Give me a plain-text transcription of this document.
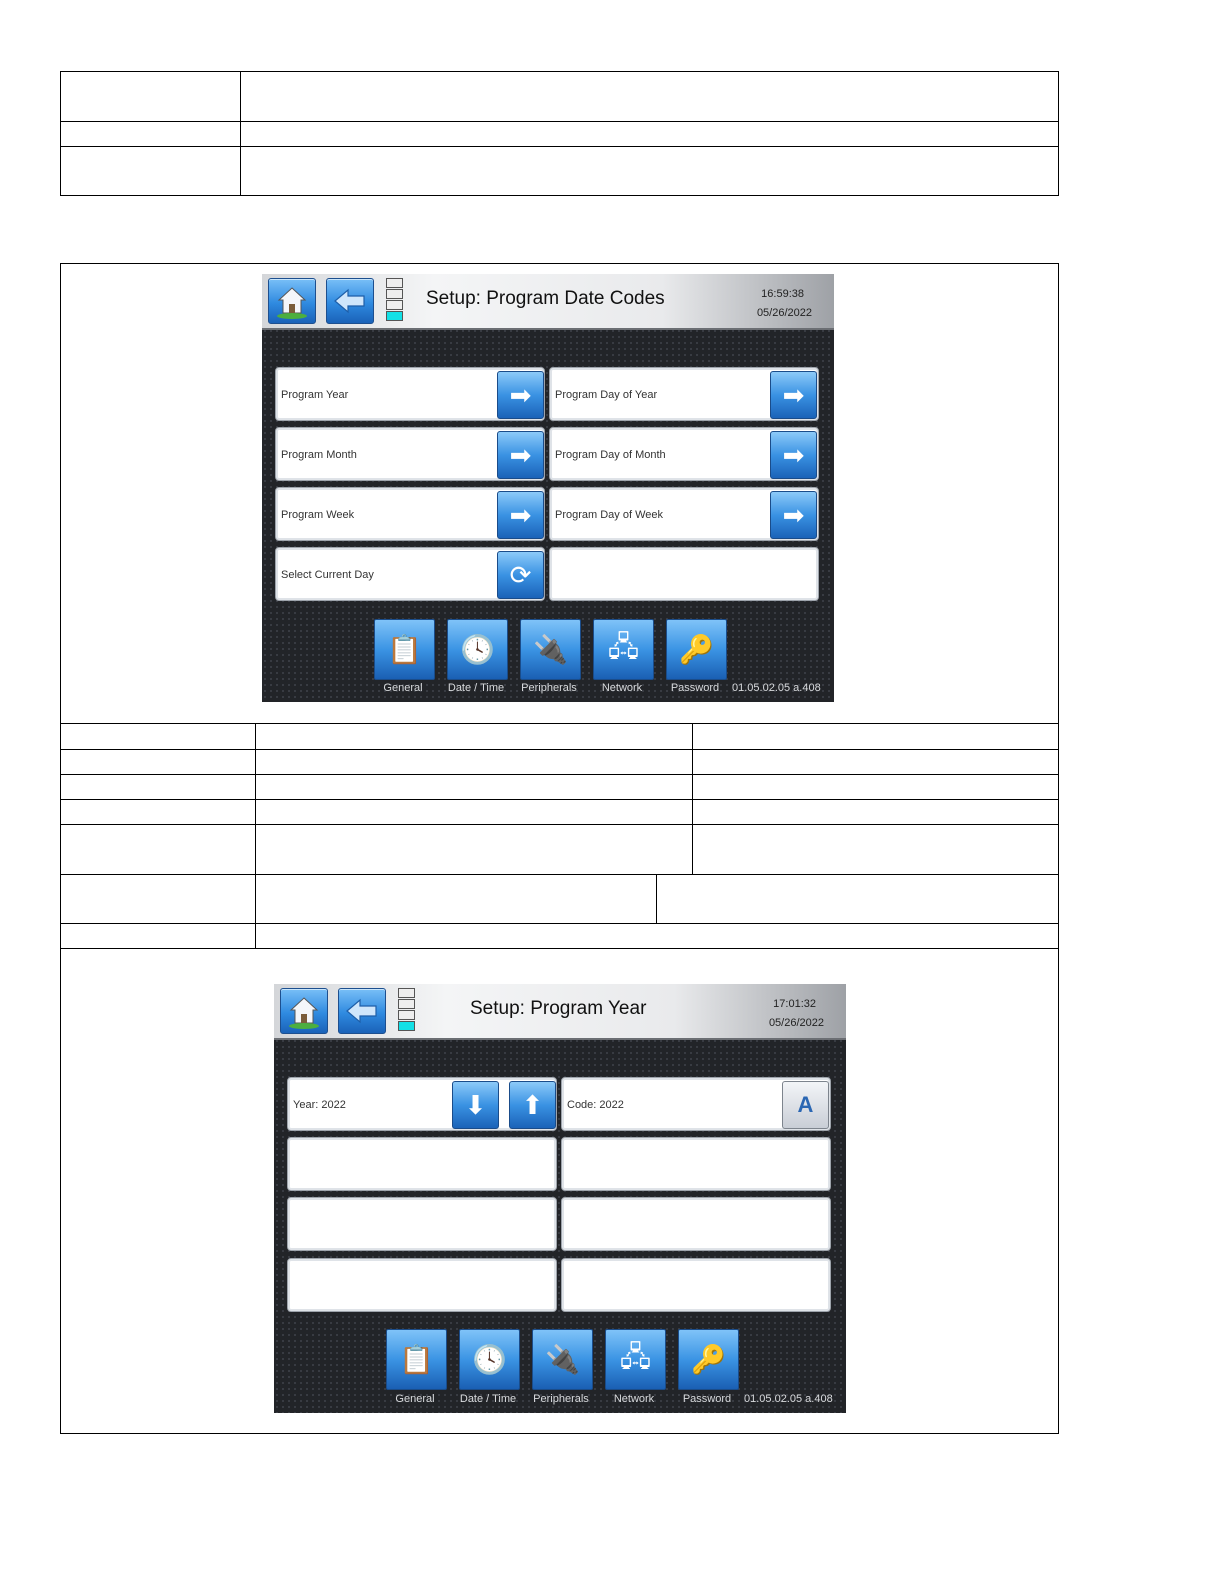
Setup: Program Date Codes	16:59:38
05/26/2022
Program Year	➡ Program Day of Year	➡
Program Month	➡ Program Day of Month	➡
Program Week	➡ Program Day of Week	➡
Select Current Day	⟳
📋 🕓 🔌 🖧 🔑
General	Date / Time	Peripherals	Network	Password	01.05.02.05 a.408
Setup: Program Year	17:01:32
05/26/2022
Year: 2022	⬇ ⬆ Code: 2022	A
📋 🕓 🔌 🖧 🔑
General	Date / Time	Peripherals	Network	Password	01.05.02.05 a.408
